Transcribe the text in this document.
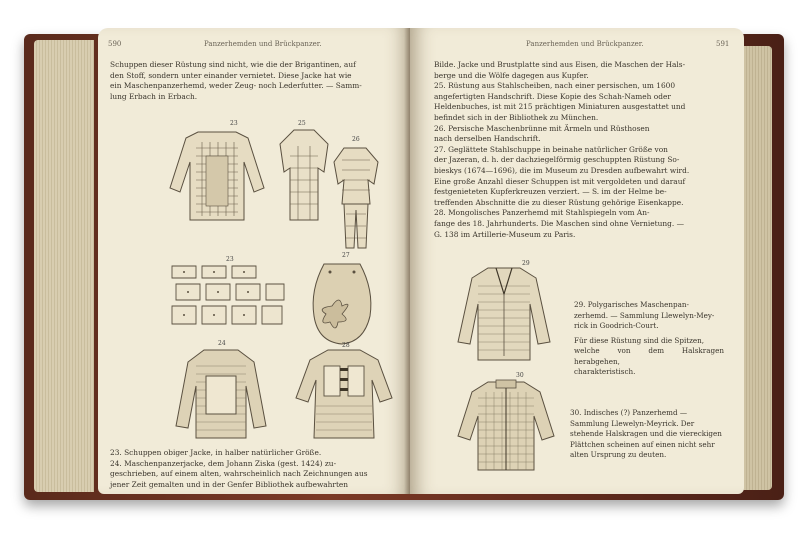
590	Panzerhemden und Brückpanzer.

Schuppen dieser Rüstung sind nicht, wie die der Brigantinen, auf

den Stoff, sondern unter einander vernietet. Diese Jacke hat wie

ein Maschenpanzerhemd, weder Zeug- noch Lederfutter. — Samm-

lung Erbach in Erbach.

23	25
26
23
27
24	28

23. Schuppen obiger Jacke, in halber natürlicher Größe.

24. Maschenpanzerjacke, dem Johann Ziska (gest. 1424) zu-

geschrieben, auf einem alten, wahrscheinlich nach Zeichnungen aus

jener Zeit gemalten und in der Genfer Bibliothek aufbewahrten

Panzerhemden und Brückpanzer.	591

Bilde. Jacke und Brustplatte sind aus Eisen, die Maschen der Hals-

berge und die Wölfe dagegen aus Kupfer.

25. Rüstung aus Stahlscheiben, nach einer persischen, um 1600

angefertigten Handschrift. Diese Kopie des Schah-Nameh oder

Heldenbuches, ist mit 215 prächtigen Miniaturen ausgestattet und

befindet sich in der Bibliothek zu München.

26. Persische Maschenbrünne mit Ärmeln und Rüsthosen

nach derselben Handschrift.

27. Geglättete Stahlschuppe in beinahe natürlicher Größe von

der Jazeran, d. h. der dachziegelförmig geschuppten Rüstung So-

bieskys (1674—1696), die im Museum zu Dresden aufbewahrt wird.

Eine große Anzahl dieser Schuppen ist mit vergoldeten und darauf

festgenieteten Kupferkreuzen verziert. — S. im der Helme be-

treffenden Abschnitte die zu dieser Rüstung gehörige Eisenkappe.

28. Mongolisches Panzerhemd mit Stahlspiegeln vom An-

fange des 18. Jahrhunderts. Die Maschen sind ohne Vernietung. —

G. 138 im Artillerie-Museum zu Paris.

29

29. Polygarisches Maschenpan-

zerhemd. — Sammlung Llewelyn-Mey-

rick in Goodrich-Court.

Für diese Rüstung sind die Spitzen,

welche von dem Halskragen herabgehen,

charakteristisch.

30

30. Indisches (?) Panzerhemd —

Sammlung Llewelyn-Meyrick. Der

stehende Halskragen und die viereckigen

Plättchen scheinen auf einen nicht sehr

alten Ursprung zu deuten.
